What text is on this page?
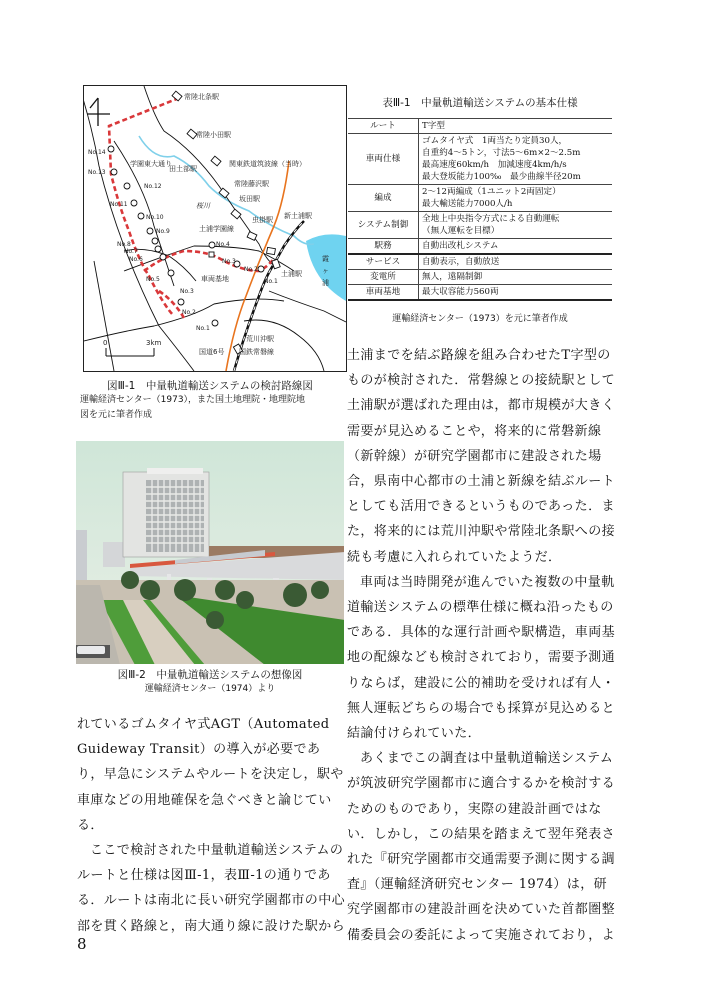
常陸北条駅
常陸小田駅
関東鉄道筑波線（当時）
田土部駅
常陸藤沢駅
学園東大通り
桜川
坂田駅
虫掛駅 新土浦駅
土浦学園線
車両基地
土浦駅
霞
ヶ
浦
荒川沖駅
国道6号 国鉄常磐線
No.14
No.13
No.12
No.11
No.10
No.9
No.8
No.7
No.6
No.5
No.4
No.3
No.2
No.1
No.3
No.2
No.1
0	3km
図Ⅲ-1　中量軌道輸送システムの検討路線図
運輸経済センター（1973），また国土地理院・地理院地
図を元に筆者作成
図Ⅲ-2　中量軌道輸送システムの想像図
運輸経済センター（1974）より
表Ⅲ-1　中量軌道輸送システムの基本仕様
ルート	T字型

車両仕様	ゴムタイヤ式　1両当たり定員30人，
自重約4～5トン，寸法5～6m×2～2.5m
最高速度60km/h　加減速度4km/h/s
最大登坂能力100‰　最少曲線半径20m

編成	2～12両編成（1ユニット2両固定）
最大輸送能力7000人/h

システム制御	全地上中央指令方式による自動運転
（無人運転を目標）

駅務	自動出改札システム

サービス	自動表示，自動放送

変電所	無人，遠隔制御

車両基地	最大収容能力560両
運輸経済センター（1973）を元に筆者作成

れているゴムタイヤ式AGT（Automated Guideway Transit）の導入が必要であり，早急にシステムやルートを決定し，駅や車庫などの用地確保を急ぐべきと論じている．

ここで検討された中量軌道輸送システムのルートと仕様は図Ⅲ-1，表Ⅲ-1の通りである．ルートは南北に長い研究学園都市の中心部を貫く路線と，南大通り線に設けた駅から

土浦までを結ぶ路線を組み合わせたT字型のものが検討された．常磐線との接続駅として土浦駅が選ばれた理由は，都市規模が大きく需要が見込めることや，将来的に常磐新線（新幹線）が研究学園都市に建設された場合，県南中心都市の土浦と新線を結ぶルートとしても活用できるというものであった．また，将来的には荒川沖駅や常陸北条駅への接続も考慮に入れられていたようだ．

車両は当時開発が進んでいた複数の中量軌道輸送システムの標準仕様に概ね沿ったものである．具体的な運行計画や駅構造，車両基地の配線なども検討されており，需要予測通りならば，建設に公的補助を受ければ有人・無人運転どちらの場合でも採算が見込めると結論付けられていた．

あくまでこの調査は中量軌道輸送システムが筑波研究学園都市に適合するかを検討するためのものであり，実際の建設計画ではない．しかし，この結果を踏まえて翌年発表された『研究学園都市交通需要予測に関する調査』（運輸経済研究センター 1974）は，研究学園都市の建設計画を決めていた首都圏整備委員会の委託によって実施されており，よ

8
